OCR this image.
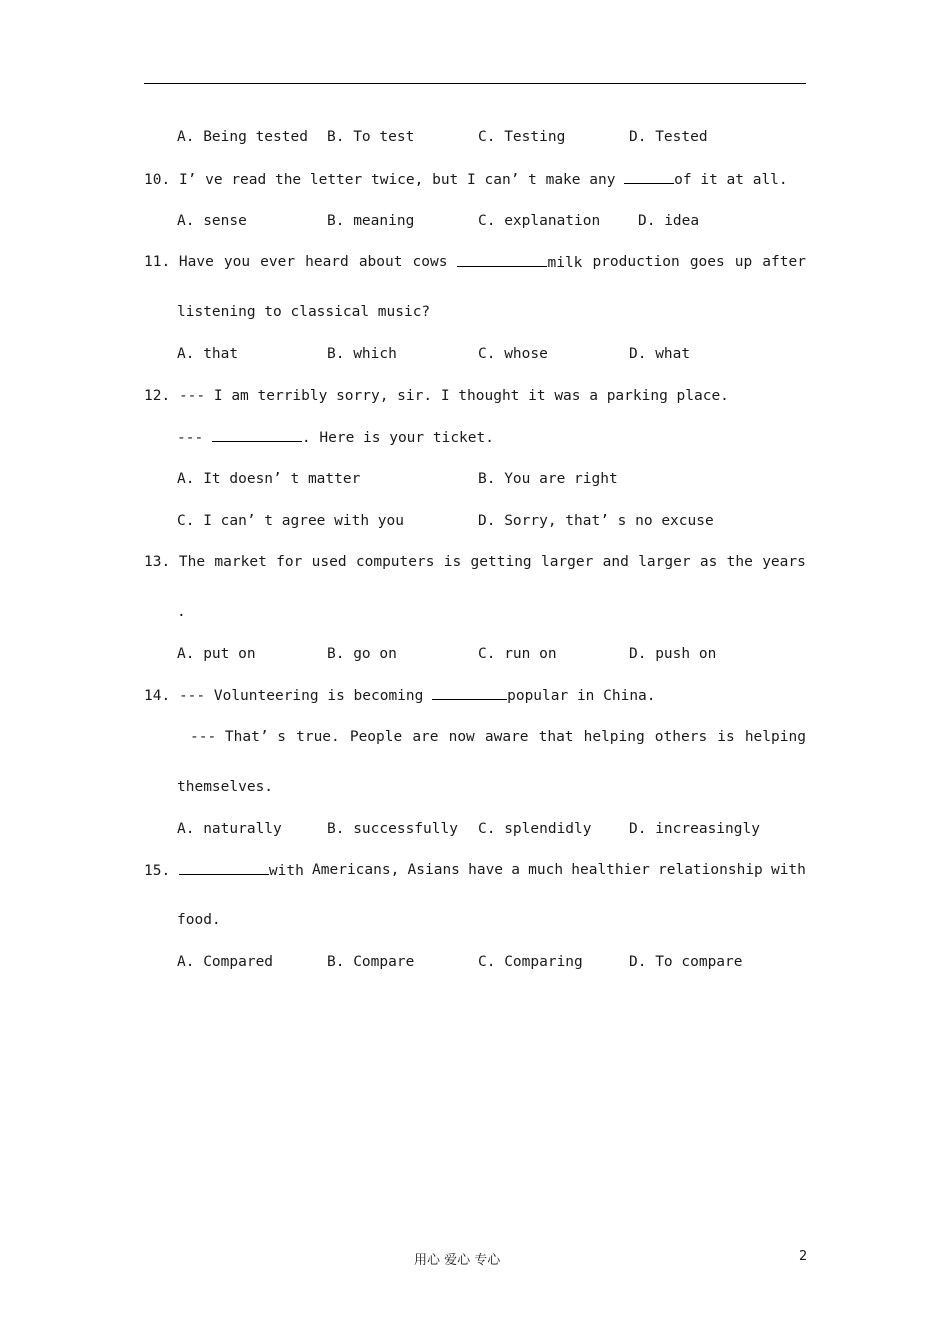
A. Being tested B. To test	C. Testing	D. Tested
10. I’ ve read the letter twice, but I can’ t make any	of it at all.
A. sense	B. meaning	C. explanation	D. idea
11. Have you ever heard about cows	milk production goes up after
listening to classical music?
A. that	B. which	C. whose	D. what
12. --- I am terribly sorry, sir. I thought it was a parking place.
---	. Here is your ticket.
A. It doesn’ t matter	B. You are right
C. I can’ t agree with you	D. Sorry, that’ s no excuse
13. The market for used computers is getting larger and larger as the years
.
A. put on	B. go on	C. run on	D. push on
14. --- Volunteering is becoming	popular in China.
--- That’ s true. People are now aware that helping others is helping
themselves.
A. naturally	B. successfully C. splendidly	D. increasingly
15.	with Americans, Asians have a much healthier relationship with
food.
A. Compared	B. Compare	C. Comparing	D. To compare
用心 爱心 专心	2
